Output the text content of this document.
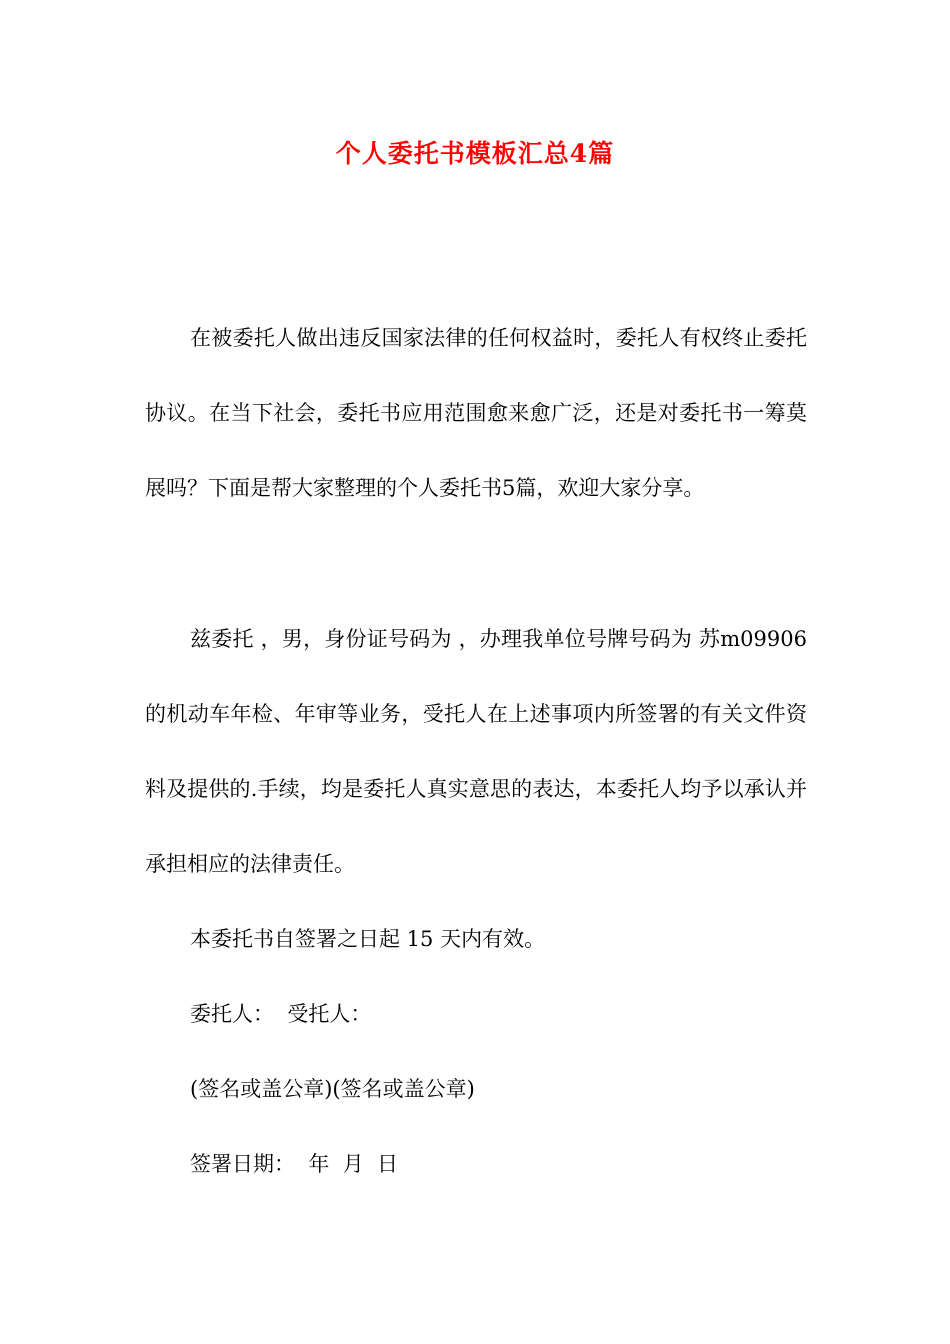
个人委托书模板汇总4篇

在被委托人做出违反国家法律的任何权益时，委托人有权终止委托协议。在当下社会，委托书应用范围愈来愈广泛，还是对委托书一筹莫展吗？下面是帮大家整理的个人委托书5篇，欢迎大家分享。

兹委托 ，男，身份证号码为 ，办理我单位号牌号码为 苏m09906 的机动车年检、年审等业务，受托人在上述事项内所签署的有关文件资料及提供的.手续，均是委托人真实意思的表达，本委托人均予以承认并承担相应的法律责任。

本委托书自签署之日起 15 天内有效。

委托人：  受托人：

(签名或盖公章)(签名或盖公章)

签署日期：  年  月  日
